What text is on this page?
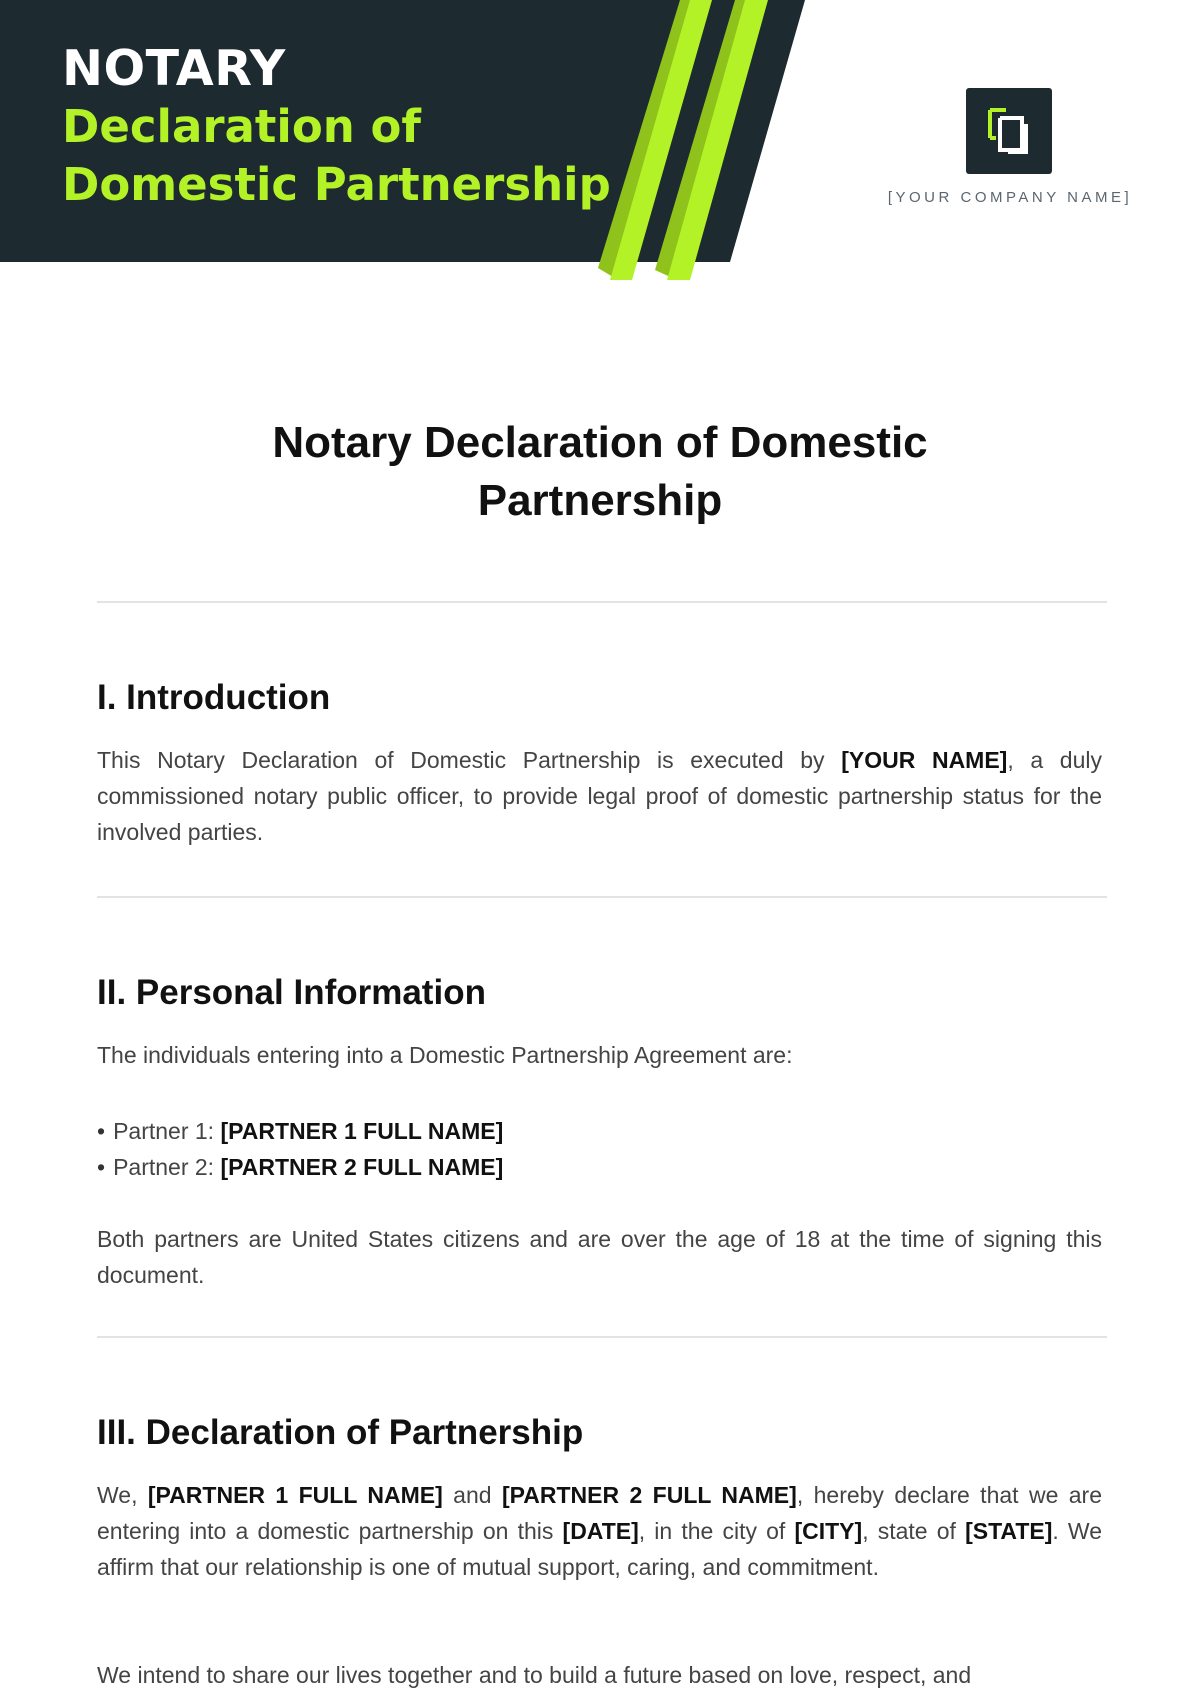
NOTARY
Declaration of
Domestic Partnership	[YOUR COMPANY NAME]
Notary Declaration of Domestic Partnership
I. Introduction

This Notary Declaration of Domestic Partnership is executed by [YOUR NAME], a duly commissioned notary public officer, to provide legal proof of domestic partnership status for the involved parties.

II. Personal Information

The individuals entering into a Domestic Partnership Agreement are:

• Partner 1: [PARTNER 1 FULL NAME]
• Partner 2: [PARTNER 2 FULL NAME]

Both partners are United States citizens and are over the age of 18 at the time of signing this document.

III. Declaration of Partnership

We, [PARTNER 1 FULL NAME] and [PARTNER 2 FULL NAME], hereby declare that we are entering into a domestic partnership on this [DATE], in the city of [CITY], state of [STATE]. We affirm that our relationship is one of mutual support, caring, and commitment.

We intend to share our lives together and to build a future based on love, respect, and
